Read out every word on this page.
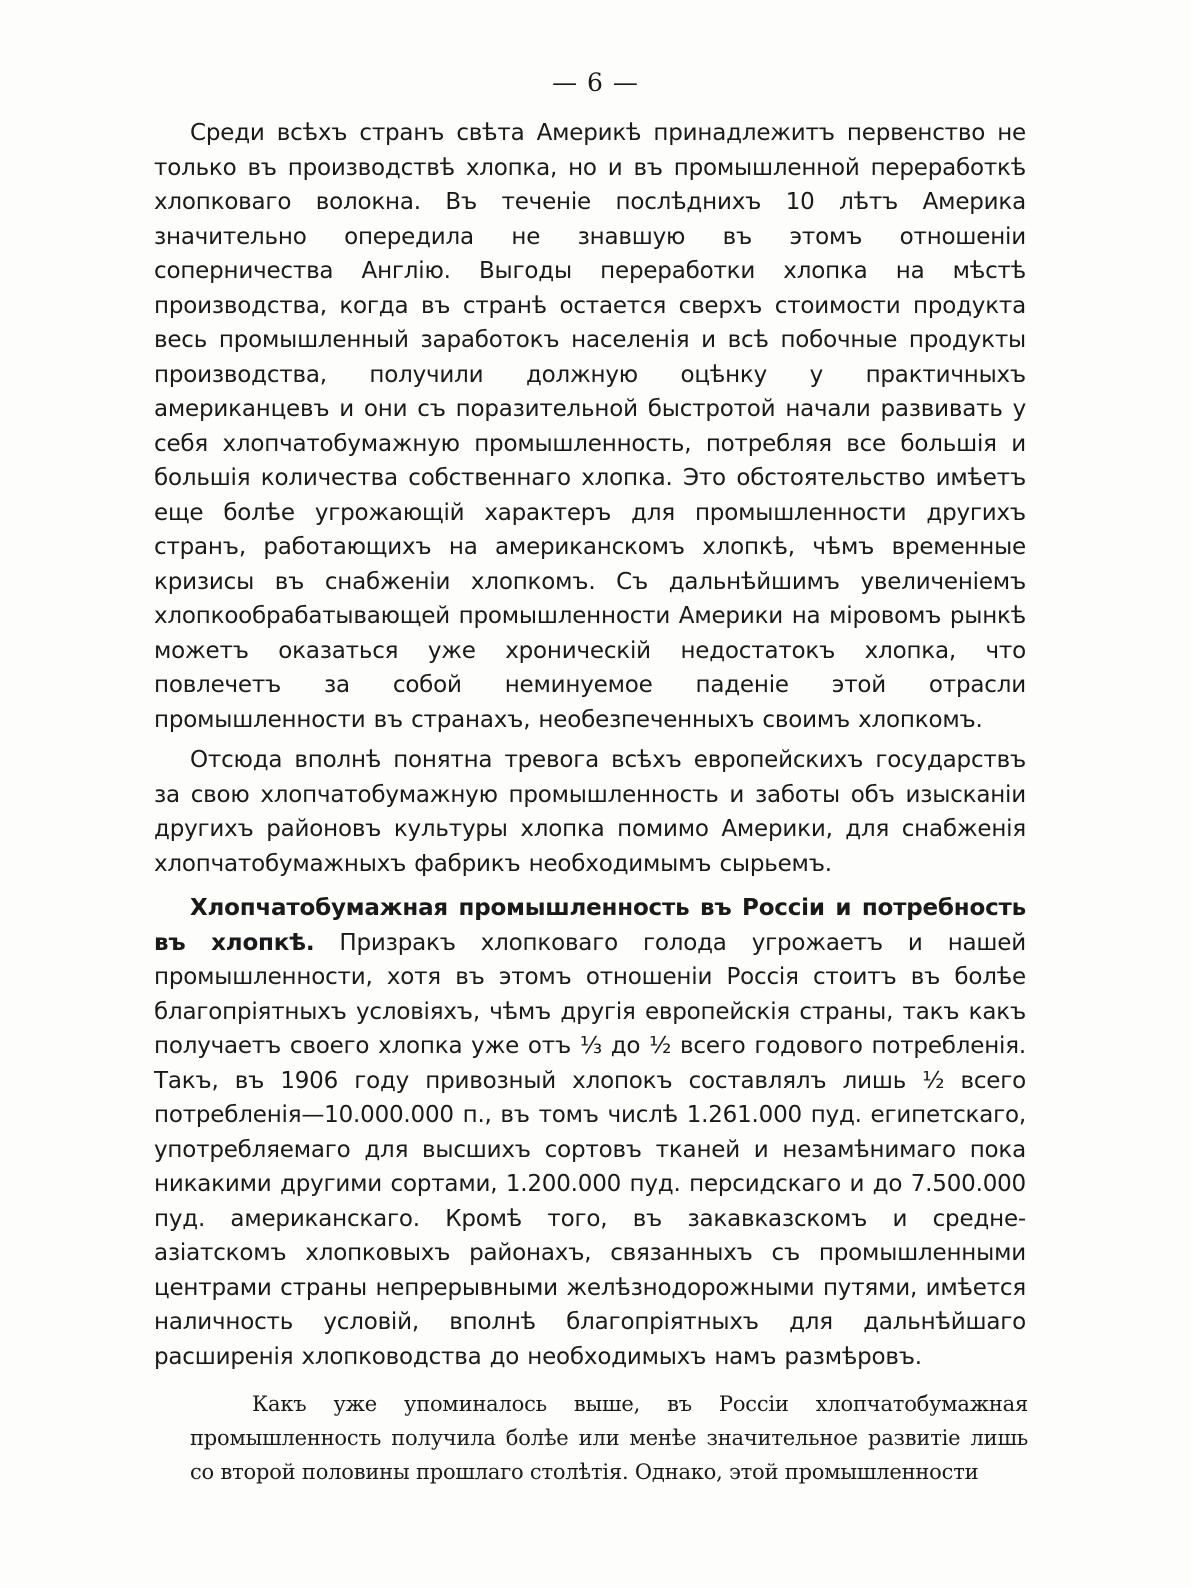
— 6 —

Среди всѣхъ странъ свѣта Америкѣ принадлежитъ первенство не только въ производствѣ хлопка, но и въ промышленной переработкѣ хлопковаго волокна. Въ теченіе послѣднихъ 10 лѣтъ Америка значительно опередила не знавшую въ этомъ отношеніи соперничества Англію. Выгоды переработки хлопка на мѣстѣ производства, когда въ странѣ остается сверхъ стоимости продукта весь промышленный заработокъ населенія и всѣ побочные продукты производства, получили должную оцѣнку у практичныхъ американцевъ и они съ поразительной быстротой начали развивать у себя хлопчатобумажную промышленность, потребляя все большія и большія количества собственнаго хлопка. Это обстоятельство имѣетъ еще болѣе угрожающій характеръ для промышленности другихъ странъ, работающихъ на американскомъ хлопкѣ, чѣмъ временные кризисы въ снабженіи хлопкомъ. Съ дальнѣйшимъ увеличеніемъ хлопкообрабатывающей промышленности Америки на міровомъ рынкѣ можетъ оказаться уже хроническій недостатокъ хлопка, что повлечетъ за собой неминуемое паденіе этой отрасли промышленности въ странахъ, необезпеченныхъ своимъ хлопкомъ.

Отсюда вполнѣ понятна тревога всѣхъ европейскихъ государствъ за свою хлопчатобумажную промышленность и заботы объ изысканіи другихъ районовъ культуры хлопка помимо Америки, для снабженія хлопчатобумажныхъ фабрикъ необходимымъ сырьемъ.

Хлопчатобумажная промышленность въ Россіи и потребность въ хлопкѣ. Призракъ хлопковаго голода угрожаетъ и нашей промышленности, хотя въ этомъ отношеніи Россія стоитъ въ болѣе благопріятныхъ условіяхъ, чѣмъ другія европейскія страны, такъ какъ получаетъ своего хлопка уже отъ ⅓ до ½ всего годового потребленія. Такъ, въ 1906 году привозный хлопокъ составлялъ лишь ½ всего потребленія—10.000.000 п., въ томъ числѣ 1.261.000 пуд. египетскаго, употребляемаго для высшихъ сортовъ тканей и незамѣнимаго пока никакими другими сортами, 1.200.000 пуд. персидскаго и до 7.500.000 пуд. американскаго. Кромѣ того, въ закавказскомъ и средне-азіатскомъ хлопковыхъ районахъ, связанныхъ съ промышленными центрами страны непрерывными желѣзнодорожными путями, имѣется наличность условій, вполнѣ благопріятныхъ для дальнѣйшаго расширенія хлопководства до необходимыхъ намъ размѣровъ.

Какъ уже упоминалось выше, въ Россіи хлопчатобумажная промышленность получила болѣе или менѣе значительное развитіе лишь со второй половины прошлаго столѣтія. Однако, этой промышленности
